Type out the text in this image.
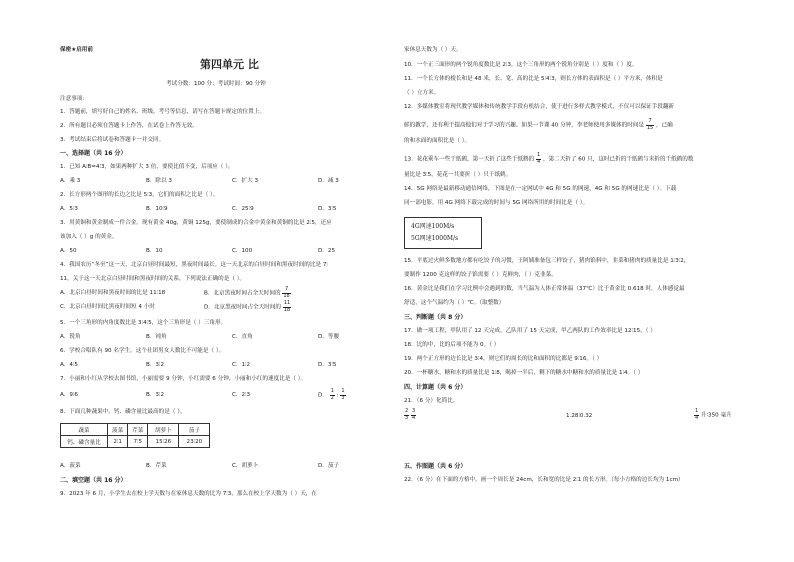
保密★启用前
第四单元 比
考试分数：100 分；考试时间：90 分钟
注意事项：
1．答题前，填写好自己的姓名、班级、考号等信息，请写在答题卡规定的位置上。
2．所有题目必须在答题卡上作答，在试卷上作答无效。
3．考试结束后将试卷和答题卡一并交回。
一、选择题（共 16 分）
1．已知 A∶B=4∶3，如果两种扩大 3 倍，要使比值不变，后项应（ ）。
A．乘 3	B．除以 3	C．扩大 3	D．减 3
2．长方形两个图形的长边之比是 5∶3，它们的面积之比是（ ）。
A．5∶3	B．10∶9	C．25∶9	D．3∶5
3．用黄铜和黄金制成一件合金。现有黄金 40g，黄铜 125g，要使制成的合金中黄金和黄铜的比是 2∶5，还应
该加入（ ）g 的黄金。
A．50	B．10	C．100	D．25
4．我国农历“冬至”这一天，北京白昼时间最短，黑夜时间最长。这一天北京的白昼时间和黑夜时间的比是 7∶
11，关于这一天北京白昼时间和黑夜时间的关系，下列说法正确的是（ ）。
A．北京白昼时间和黑夜时间的比是 11∶18	B．北京黑夜时间占全天时间的 $\frac{7}{18}$
C．北京白昼时间比黑夜时间短 4 小时	D．北京黑夜时间占全天时间的 $\frac{11}{18}$
5．一个三角形的内角度数比是 3∶4∶5，这个三角形是（ ）三角形。
A．锐角	B．钝角	C．直角	D．等腰
6．学校合唱队有 90 名学生，这个社团男女人数比不可能是（ ）。
A．4∶5	B．3∶2	C．1∶2	D．3∶5
7．小丽和小红从学校去图书馆，小丽需要 9 分钟，小红需要 6 分钟，小丽和小红的速度比是（ ）。
A．9∶6	B．3∶2	C．2∶3	D． $\frac{1}{2}$ : $\frac{1}{3}$
8．下面几种蔬果中，钙、磷含量比最高的是（ ）。
蔬菜	菠菜	芹菜	胡萝卜	茄子
钙、磷含量比	2∶1	7∶5	15∶26	23∶20
A．菠菜	B．芹菜	C．胡萝卜	D．茄子
二、填空题（共 16 分）
9．2023 年 6 月，小学生去在校上学天数与在家休息天数的比为 7∶3，那么在校上学天数为（ ）天，在
家休息天数为（ ）天。
10．一个正三面形的两个锐角度数比是 2∶3，这个三角形的两个锐角分别是（ ）度和（ ）度。
11．一个长方体的棱长和是 48 米，长、宽、高的比是 5∶4∶3，则长方体的表面积是（ ）平方米，体积是
（ ）立方米。
12．多媒体教室将现代教学媒体和传统教学手段有机结合，使于进行多样式教学模式，不仅可以保证手段翻新
鲜的教学，还有利于提高他们对于学习的兴趣。如果一节课 40 分钟，李老师使用多媒体的时间是 $\frac{7}{15}$ ，已确
的和水面的面积比是（ ）。
13．花花乘车一些千纸鹤，第一天折了这些千纸鹤的 $\frac{1}{4}$ ，第二天折了 60 只，这时已折的千纸鹤与未折的千纸鹤的数
量比是 3∶5，花花一共要折（ ）只千纸鹤。
14．5G 网络是最新移动通信网络，下图是在一定网试中 4G 和 5G 的网速，4G 和 5G 的网速比是（ ）。下载
同一部电影，用 4G 网络下载完成的时间与 5G 网络所用的时间比是（ ）。
4G网速100M/s
5G网速1000M/s
15．平底过火鲜多数地方都有吃饺子的习惯，王阿姨准备包三样饺子，猪肉馅料中，韭菜和猪肉的质量比是 1∶3∶2，
要制作 1200 克这样的饺子馅需要（ ）克鲜肉，（ ）克韭菜。
16．黄金比是我们在学习比例中会遇到的数，当气温为人体正常体温（37℃）比于黄金比 0.618 时，人体感觉最
舒适，这个气温约为（ ）℃。（取整数）
三、判断题（共 8 分）
17．做一项工程，甲队用了 12 天完成，乙队用了 15 天完成，甲乙两队的工作效率比是 12∶15。（ ）
18．比的中，比的后项不能为 0。（ ）
19．两个正方形的边长比是 3∶4，则它们的周长的比和面积的比都是 9∶16。（ ）
20．一杯糖水，糖和水的质量比是 1∶8，喝掉一半后，剩下的糖水中糖和水的质量比是 1∶4。（ ）
四、计算题（共 6 分）
21．（6 分）化简比。
$\frac{2}{3}$
$\frac{3}{4}$	1.28∶0.32	$\frac{1}{4}$ 升∶350 毫升
五、作图题（共 6 分）
22．（6 分）在下面的方格中，画一个周长是 24cm，长和宽的比是 2∶1 的长方形。（每小方格的边长均为 1cm）
